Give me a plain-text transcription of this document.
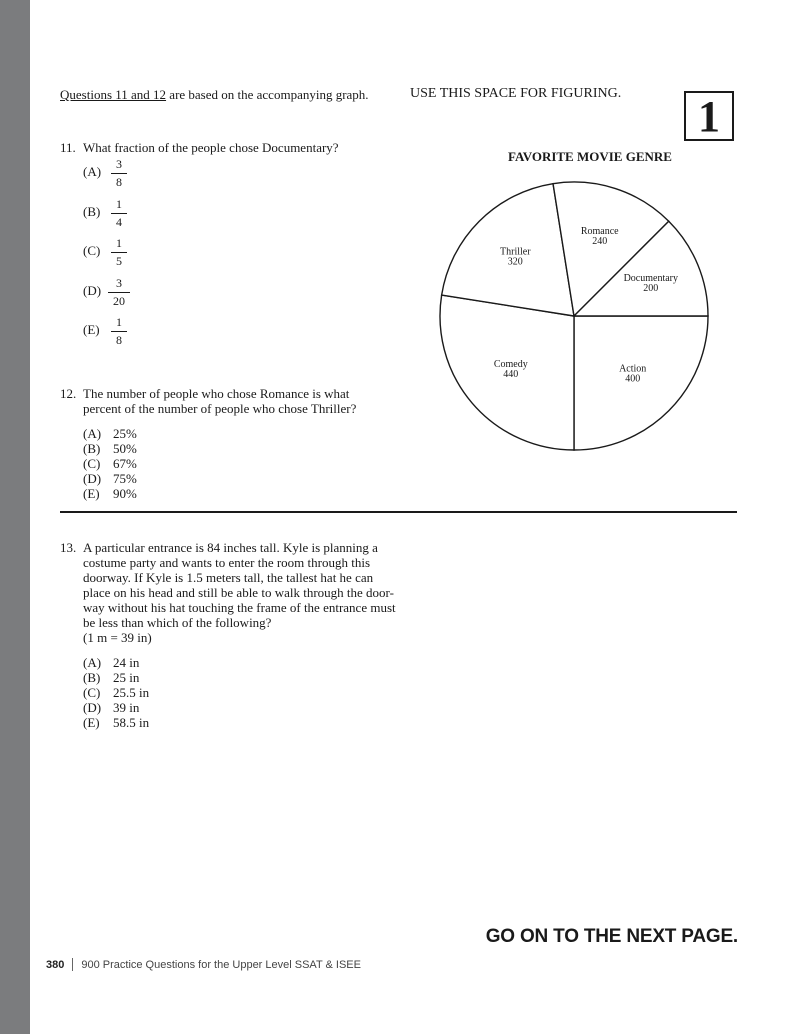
Questions 11 and 12 are based on the accompanying graph.	USE THIS SPACE FOR FIGURING.	1
11. What fraction of the people chose Documentary?
$(A) \frac{3}{8}$
$(B) \frac{1}{4}$
$(C) \frac{1}{5}$
$(D) \frac{3}{20}$
$(E) \frac{1}{8}$
12. The number of people who chose Romance is what
percent of the number of people who chose Thriller?
(A) 25%
(B) 50%
(C) 67%
(D) 75%
(E)	90%
FAVORITE MOVIE GENRE
Action 400
Comedy 440
Thriller 320
Romance 240
Documentary 200
13. A particular entrance is 84 inches tall. Kyle is planning a
costume party and wants to enter the room through this
doorway. If Kyle is 1.5 meters tall, the tallest hat he can
place on his head and still be able to walk through the door-
way without his hat touching the frame of the entrance must
be less than which of the following?
(1 m = 39 in)
(A) 24 in
(B) 25 in
(C) 25.5 in
(D) 39 in
(E)	58.5 in
GO ON TO THE NEXT PAGE.
380 900 Practice Questions for the Upper Level SSAT & ISEE
